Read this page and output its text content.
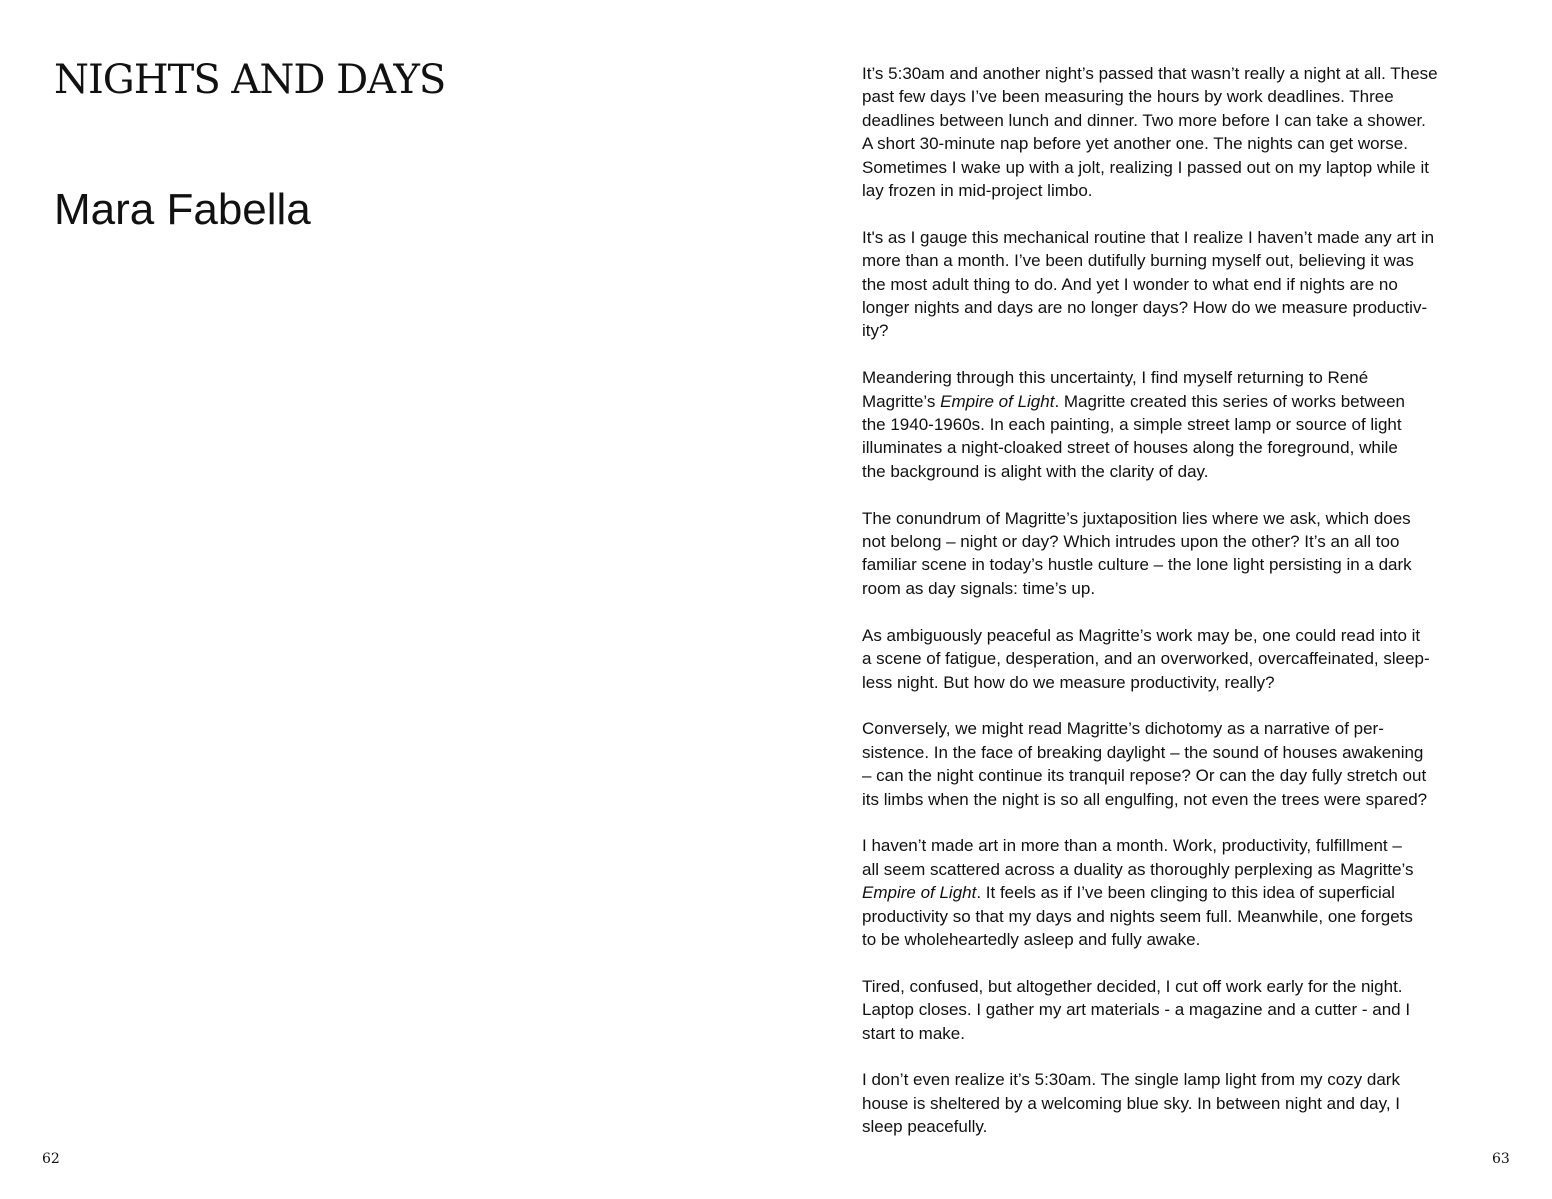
NIGHTS AND DAYS
Mara Fabella
62

It’s 5:30am and another night’s passed that wasn’t really a night at all. These
past few days I’ve been measuring the hours by work deadlines. Three
deadlines between lunch and dinner. Two more before I can take a shower.
A short 30-minute nap before yet another one. The nights can get worse.
Sometimes I wake up with a jolt, realizing I passed out on my laptop while it
lay frozen in mid-project limbo.

It's as I gauge this mechanical routine that I realize I haven’t made any art in
more than a month. I’ve been dutifully burning myself out, believing it was
the most adult thing to do. And yet I wonder to what end if nights are no
longer nights and days are no longer days? How do we measure productiv-
ity?

Meandering through this uncertainty, I find myself returning to René
Magritte’s Empire of Light. Magritte created this series of works between
the 1940-1960s. In each painting, a simple street lamp or source of light
illuminates a night-cloaked street of houses along the foreground, while
the background is alight with the clarity of day.

The conundrum of Magritte’s juxtaposition lies where we ask, which does
not belong – night or day? Which intrudes upon the other? It’s an all too
familiar scene in today’s hustle culture – the lone light persisting in a dark
room as day signals: time’s up.

As ambiguously peaceful as Magritte’s work may be, one could read into it
a scene of fatigue, desperation, and an overworked, overcaffeinated, sleep-
less night. But how do we measure productivity, really?

Conversely, we might read Magritte’s dichotomy as a narrative of per-
sistence. In the face of breaking daylight – the sound of houses awakening
– can the night continue its tranquil repose? Or can the day fully stretch out
its limbs when the night is so all engulfing, not even the trees were spared?

I haven’t made art in more than a month. Work, productivity, fulfillment –
all seem scattered across a duality as thoroughly perplexing as Magritte’s
Empire of Light. It feels as if I’ve been clinging to this idea of superficial
productivity so that my days and nights seem full. Meanwhile, one forgets
to be wholeheartedly asleep and fully awake.

Tired, confused, but altogether decided, I cut off work early for the night.
Laptop closes. I gather my art materials - a magazine and a cutter - and I
start to make.

I don’t even realize it’s 5:30am. The single lamp light from my cozy dark
house is sheltered by a welcoming blue sky. In between night and day, I
sleep peacefully.

63
